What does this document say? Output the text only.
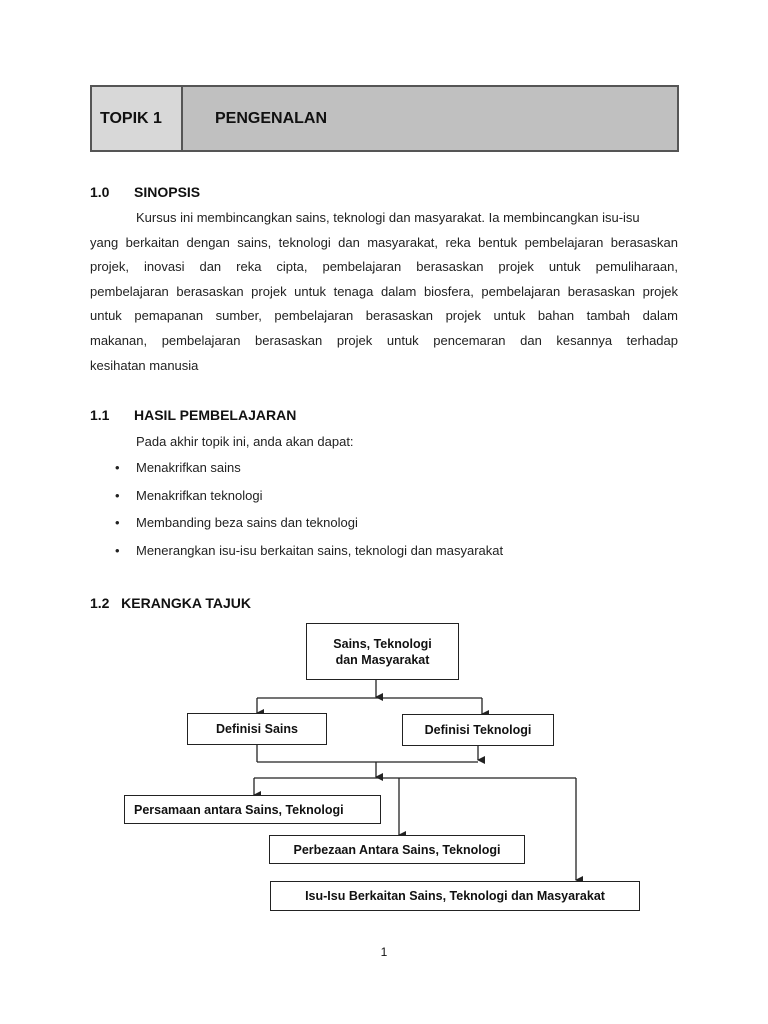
TOPIK 1	PENGENALAN
1.0 SINOPSIS
Kursus ini membincangkan sains, teknologi dan masyarakat. Ia membincangkan isu-isu
yang berkaitan dengan sains, teknologi dan masyarakat, reka bentuk pembelajaran berasaskan
projek, inovasi dan reka cipta, pembelajaran berasaskan projek untuk pemuliharaan,
pembelajaran berasaskan projek untuk tenaga dalam biosfera, pembelajaran berasaskan projek
untuk pemapanan sumber, pembelajaran berasaskan projek untuk bahan tambah dalam
makanan, pembelajaran berasaskan projek untuk pencemaran dan kesannya terhadap
kesihatan manusia
1.1 HASIL PEMBELAJARAN
Pada akhir topik ini, anda akan dapat:
• Menakrifkan sains
• Menakrifkan teknologi
• Membanding beza sains dan teknologi
• Menerangkan isu-isu berkaitan sains, teknologi dan masyarakat
1.2 KERANGKA TAJUK
Sains, Teknologi
dan Masyarakat
Definisi Sains	Definisi Teknologi
Persamaan antara Sains, Teknologi
Perbezaan Antara Sains, Teknologi
Isu-Isu Berkaitan Sains, Teknologi dan Masyarakat
1
